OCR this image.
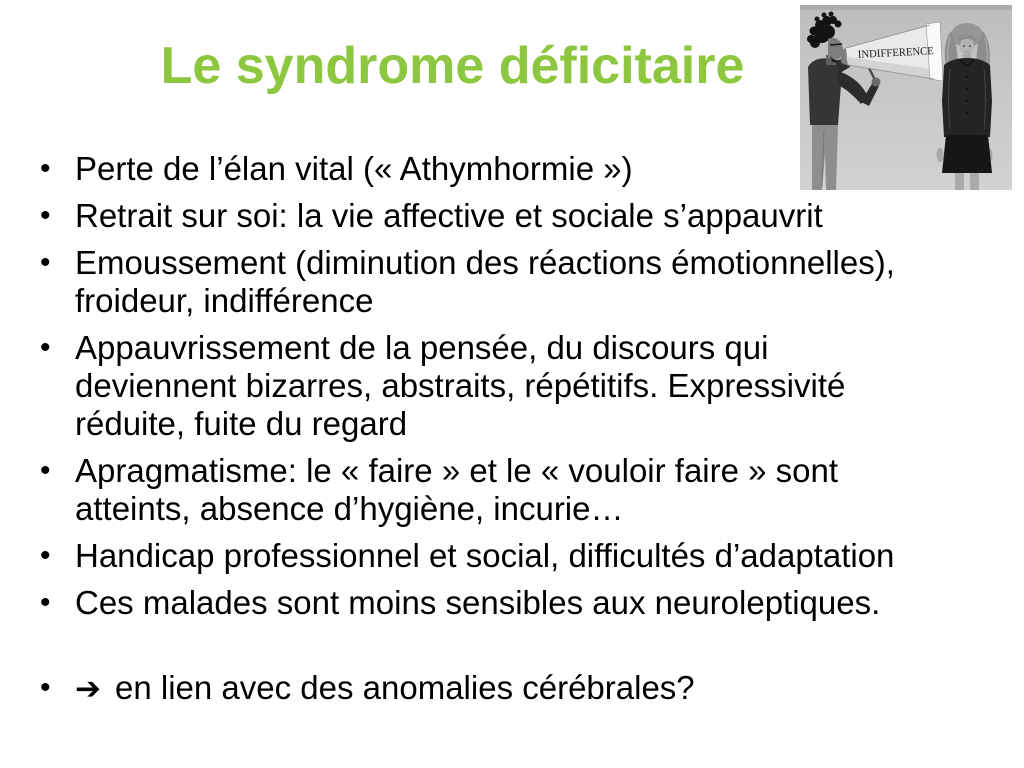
Le syndrome déficitaire	INDIFFERENCE
• Perte de l’élan vital (« Athymhormie »)
• Retrait sur soi: la vie affective et sociale s’appauvrit
• Emoussement (diminution des réactions émotionnelles), froideur, indifférence
• Appauvrissement de la pensée, du discours qui deviennent bizarres, abstraits, répétitifs. Expressivité réduite, fuite du regard
• Apragmatisme: le « faire » et le « vouloir faire » sont atteints, absence d’hygiène, incurie…
• Handicap professionnel et social, difficultés d’adaptation
• Ces malades sont moins sensibles aux neuroleptiques.
• ➔ en lien avec des anomalies cérébrales?
